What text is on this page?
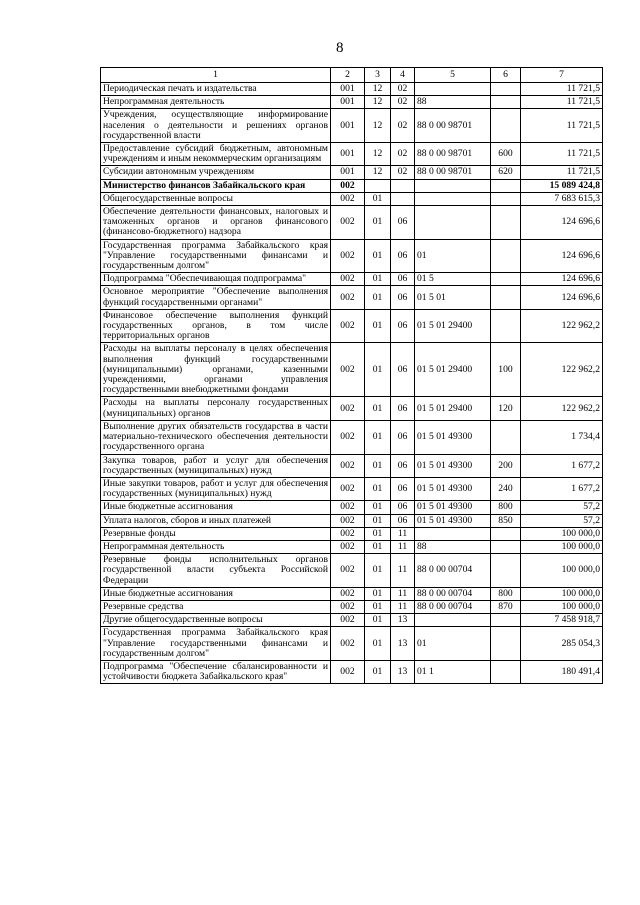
8
1	2	3	4	5	6	7
Периодическая печать и издательства	001	12	02			11 721,5
Непрограммная деятельность	001	12	02	88		11 721,5
Учреждения, осуществляющие информирование населения о деятельности и решениях органов государственной власти	001	12	02	88 0 00 98701		11 721,5
Предоставление субсидий бюджетным, автономным учреждениям и иным некоммерческим организациям	001	12	02	88 0 00 98701	600	11 721,5
Субсидии автономным учреждениям	001	12	02	88 0 00 98701	620	11 721,5
Министерство финансов Забайкальского края	002					15 089 424,8
Общегосударственные вопросы	002	01				7 683 615,3
Обеспечение деятельности финансовых, налоговых и таможенных органов и органов финансового (финансово-бюджетного) надзора	002	01	06			124 696,6
Государственная программа Забайкальского края "Управление государственными финансами и государственным долгом"	002	01	06	01		124 696,6
Подпрограмма "Обеспечивающая подпрограмма"	002	01	06	01 5		124 696,6
Основное мероприятие "Обеспечение выполнения функций государственными органами"	002	01	06	01 5 01		124 696,6
Финансовое обеспечение выполнения функций государственных органов, в том числе территориальных органов	002	01	06	01 5 01 29400		122 962,2
Расходы на выплаты персоналу в целях обеспечения выполнения функций государственными (муниципальными) органами, казенными учреждениями, органами управления государственными внебюджетными фондами	002	01	06	01 5 01 29400	100	122 962,2
Расходы на выплаты персоналу государственных (муниципальных) органов	002	01	06	01 5 01 29400	120	122 962,2
Выполнение других обязательств государства в части материально-технического обеспечения деятельности государственного органа	002	01	06	01 5 01 49300		1 734,4
Закупка товаров, работ и услуг для обеспечения государственных (муниципальных) нужд	002	01	06	01 5 01 49300	200	1 677,2
Иные закупки товаров, работ и услуг для обеспечения государственных (муниципальных) нужд	002	01	06	01 5 01 49300	240	1 677,2
Иные бюджетные ассигнования	002	01	06	01 5 01 49300	800	57,2
Уплата налогов, сборов и иных платежей	002	01	06	01 5 01 49300	850	57,2
Резервные фонды	002	01	11			100 000,0
Непрограммная деятельность	002	01	11	88		100 000,0
Резервные фонды исполнительных органов государственной власти субъекта Российской Федерации	002	01	11	88 0 00 00704		100 000,0
Иные бюджетные ассигнования	002	01	11	88 0 00 00704	800	100 000,0
Резервные средства	002	01	11	88 0 00 00704	870	100 000,0
Другие общегосударственные вопросы	002	01	13			7 458 918,7
Государственная программа Забайкальского края "Управление государственными финансами и государственным долгом"	002	01	13	01		285 054,3
Подпрограмма "Обеспечение сбалансированности и устойчивости бюджета Забайкальского края"	002	01	13	01 1		180 491,4
